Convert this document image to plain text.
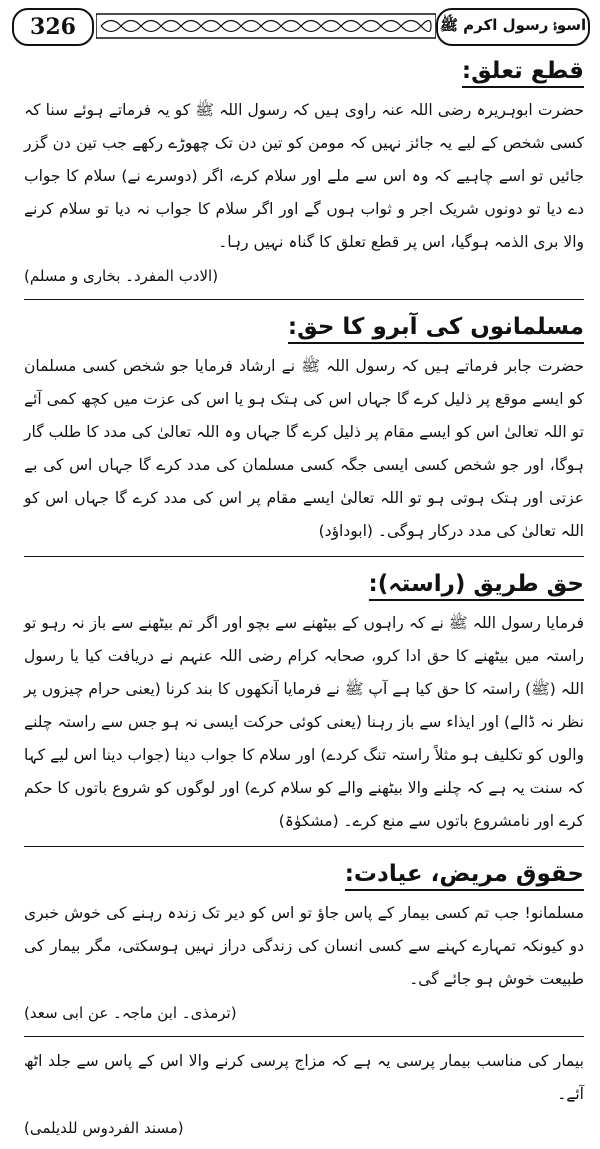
326	اسوۂ رسول اکرم ﷺ
قطع تعلق:

حضرت ابوہریرہ رضی اللہ عنہ راوی ہیں کہ رسول اللہ ﷺ کو یہ فرماتے ہوئے سنا کہ کسی شخص کے لیے یہ جائز نہیں کہ مومن کو تین دن تک چھوڑے رکھے جب تین دن گزر جائیں تو اسے چاہیے کہ وہ اس سے ملے اور سلام کرے، اگر (دوسرے نے) سلام کا جواب دے دیا تو دونوں شریک اجر و ثواب ہوں گے اور اگر سلام کا جواب نہ دیا تو سلام کرنے والا بری الذمہ ہوگیا، اس پر قطع تعلق کا گناہ نہیں رہا۔

(الادب المفرد۔ بخاری و مسلم)

مسلمانوں کی آبرو کا حق:

حضرت جابر فرماتے ہیں کہ رسول اللہ ﷺ نے ارشاد فرمایا جو شخص کسی مسلمان کو ایسے موقع پر ذلیل کرے گا جہاں اس کی ہتک ہو یا اس کی عزت میں کچھ کمی آئے تو اللہ تعالیٰ اس کو ایسے مقام پر ذلیل کرے گا جہاں وہ اللہ تعالیٰ کی مدد کا طلب گار ہوگا، اور جو شخص کسی ایسی جگہ کسی مسلمان کی مدد کرے گا جہاں اس کی بے عزتی اور ہتک ہوتی ہو تو اللہ تعالیٰ ایسے مقام پر اس کی مدد کرے گا جہاں اس کو اللہ تعالیٰ کی مدد درکار ہوگی۔ (ابوداؤد)

حق طریق (راستہ):

فرمایا رسول اللہ ﷺ نے کہ راہوں کے بیٹھنے سے بچو اور اگر تم بیٹھنے سے باز نہ رہو تو راستہ میں بیٹھنے کا حق ادا کرو، صحابہ کرام رضی اللہ عنہم نے دریافت کیا یا رسول اللہ (ﷺ) راستہ کا حق کیا ہے آپ ﷺ نے فرمایا آنکھوں کا بند کرنا (یعنی حرام چیزوں پر نظر نہ ڈالے) اور ایذاء سے باز رہنا (یعنی کوئی حرکت ایسی نہ ہو جس سے راستہ چلنے والوں کو تکلیف ہو مثلاً راستہ تنگ کردے) اور سلام کا جواب دینا (جواب دینا اس لیے کہا کہ سنت یہ ہے کہ چلنے والا بیٹھنے والے کو سلام کرے) اور لوگوں کو شروع باتوں کا حکم کرے اور نامشروع باتوں سے منع کرے۔ (مشکوٰۃ)

حقوق مریض، عیادت:

مسلمانو! جب تم کسی بیمار کے پاس جاؤ تو اس کو دیر تک زندہ رہنے کی خوش خبری دو کیونکہ تمہارے کہنے سے کسی انسان کی زندگی دراز نہیں ہوسکتی، مگر بیمار کی طبیعت خوش ہو جائے گی۔

(ترمذی۔ ابن ماجہ۔ عن ابی سعد)

بیمار کی مناسب بیمار پرسی یہ ہے کہ مزاج پرسی کرنے والا اس کے پاس سے جلد اٹھ آئے۔

(مسند الفردوس للدیلمی)
